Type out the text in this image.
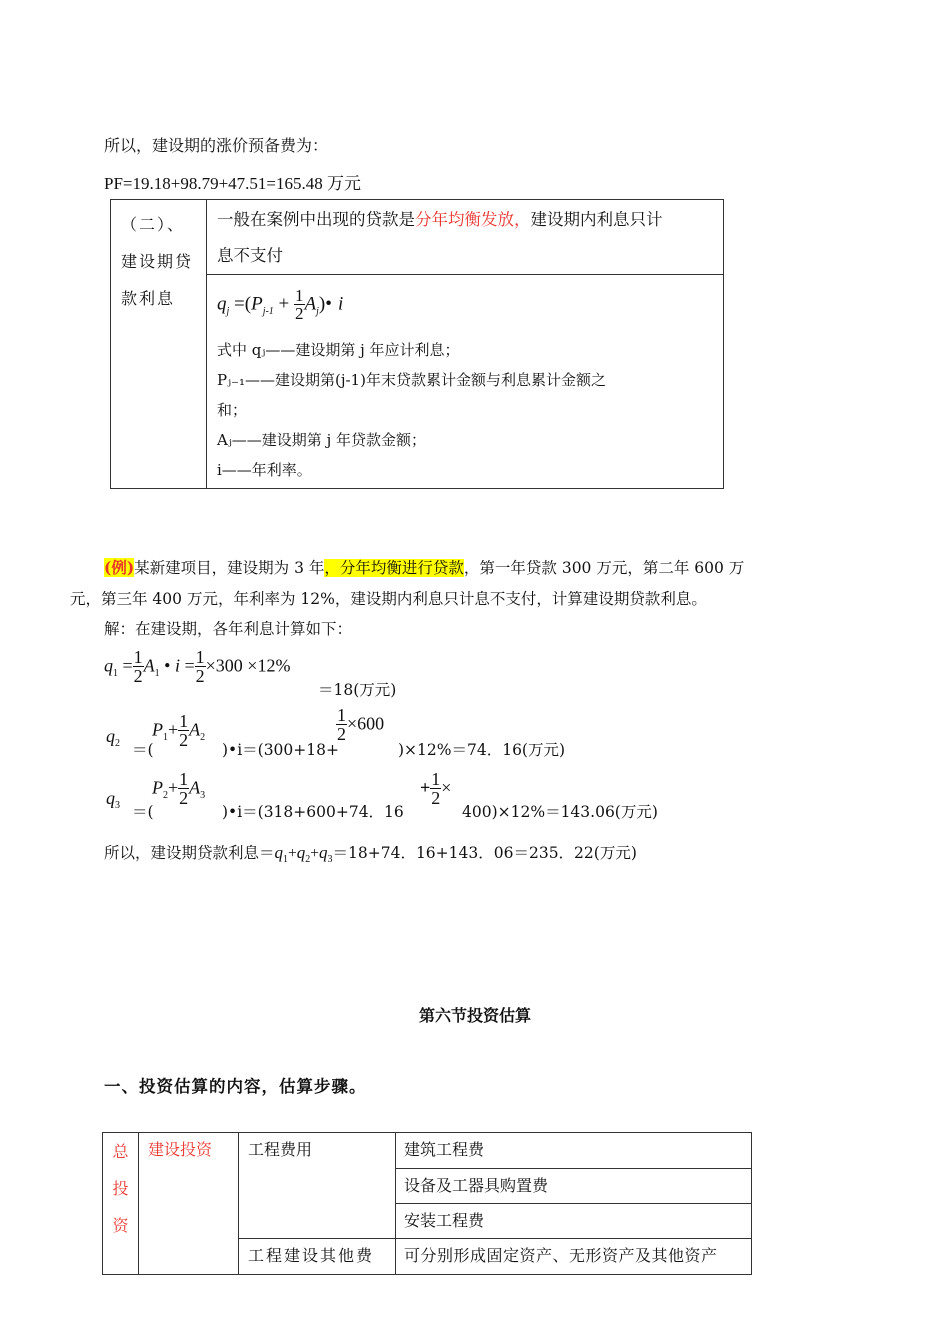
所以，建设期的涨价预备费为：
PF=19.18+98.79+47.51=165.48 万元
（二）、
建设期贷
款利息

一般在案例中出现的贷款是分年均衡发放，建设期内利息只计
息不支付

$q_j =(P_{j-1} + \frac{1}{2}$ $A_j)•$ i
式中 qⱼ——建设期第 j 年应计利息；
Pⱼ₋₁——建设期第(j-1)年末贷款累计金额与利息累计金额之
和；
Aⱼ——建设期第 j 年贷款金额；
i——年利率。
(例)某新建项目，建设期为 3 年，分年均衡进行贷款，第一年贷款 300 万元，第二年 600 万
元，第三年 400 万元，年利率为 12%，建设期内利息只计息不支付，计算建设期贷款利息。
解：在建设期，各年利息计算如下：
$q_1 = \frac{1}{2} A_1$ • $i = \frac{1}{2} \times 300 \times 12\%$
＝18(万元)
$q_2$ ＝(
$P_1+ \frac{1}{2} A_2$
)•i＝(300+18+
$\frac{1}{2} \times 600$
)×12%＝74．16(万元)
$q_3$ ＝(
$P_2+ \frac{1}{2} A_3$
)•i＝(318+600+74．16
+ $\frac{1}{2}$ ×
400)×12%＝143.06(万元)
所以，建设期贷款利息$=q_1+q_2+q_3=18+74$．16+143．06＝235．22(万元)
第六节投资估算
一、投资估算的内容，估算步骤。
总
投
资	建设投资	工程费用	建筑工程费

			设备及工器具购置费

			安装工程费

		工程建设其他费	可分别形成固定资产、无形资产及其他资产
